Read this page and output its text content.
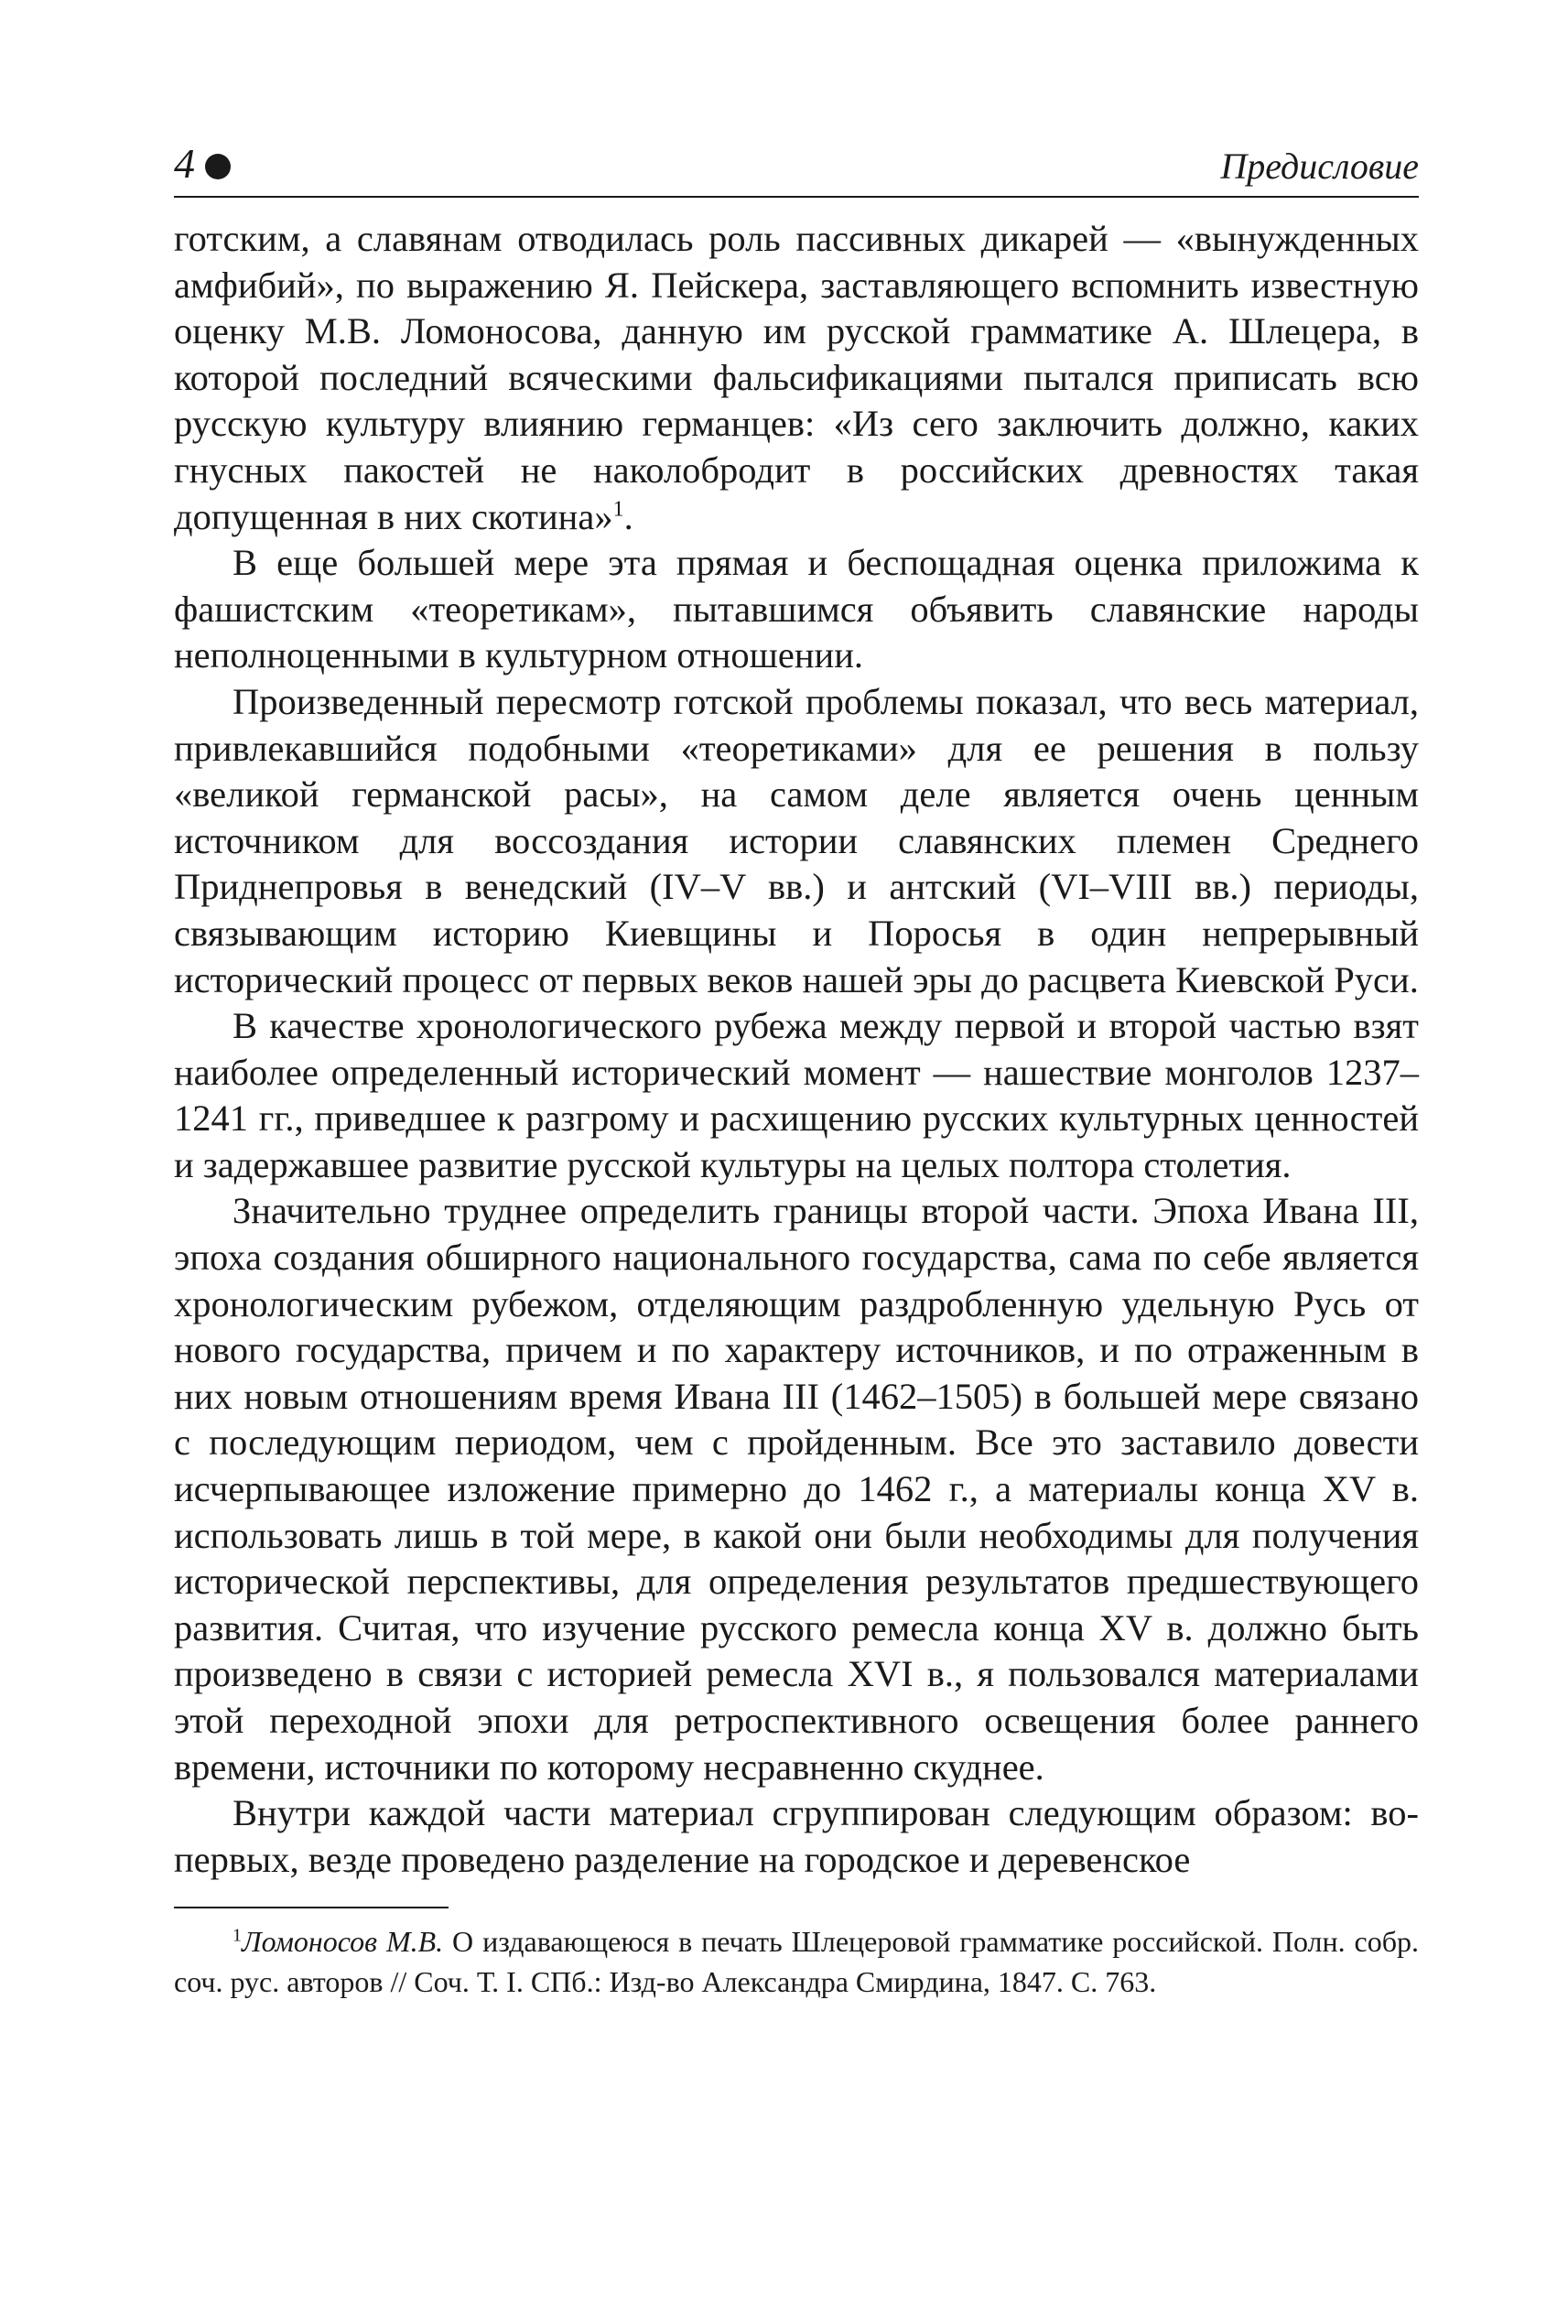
4	Предисловие

готским, а славянам отводилась роль пассивных дикарей — «вынужденных амфибий», по выражению Я. Пейскера, заставляющего вспомнить известную оценку М.В. Ломоносова, данную им русской грамматике А. Шлецера, в которой последний всяческими фальсификациями пытался приписать всю русскую культуру влиянию германцев: «Из сего заключить должно, каких гнусных пакостей не наколобродит в российских древностях такая допущенная в них скотина»$^1$.

В еще большей мере эта прямая и беспощадная оценка приложима к фашистским «теоретикам», пытавшимся объявить славянские народы неполноценными в культурном отношении.

Произведенный пересмотр готской проблемы показал, что весь материал, привлекавшийся подобными «теоретиками» для ее решения в пользу «великой германской расы», на самом деле является очень ценным источником для воссоздания истории славянских племен Среднего Приднепровья в венедский (IV–V вв.) и антский (VI–VIII вв.) периоды, связывающим историю Киевщины и Поросья в один непрерывный исторический процесс от первых веков нашей эры до расцвета Киевской Руси.

В качестве хронологического рубежа между первой и второй частью взят наиболее определенный исторический момент — нашествие монголов 1237–1241 гг., приведшее к разгрому и расхищению русских культурных ценностей и задержавшее развитие русской культуры на целых полтора столетия.

Значительно труднее определить границы второй части. Эпоха Ивана III, эпоха создания обширного национального государства, сама по себе является хронологическим рубежом, отделяющим раздробленную удельную Русь от нового государства, причем и по характеру источников, и по отраженным в них новым отношениям время Ивана III (1462–1505) в большей мере связано с последующим периодом, чем с пройденным. Все это заставило довести исчерпывающее изложение примерно до 1462 г., а материалы конца XV в. использовать лишь в той мере, в какой они были необходимы для получения исторической перспективы, для определения результатов предшествующего развития. Считая, что изучение русского ремесла конца XV в. должно быть произведено в связи с историей ремесла XVI в., я пользовался материалами этой переходной эпохи для ретроспективного освещения более раннего времени, источники по которому несравненно скуднее.

Внутри каждой части материал сгруппирован следующим образом: во-первых, везде проведено разделение на городское и деревенское

$^1$Ломоносов М.В. О издавающеюся в печать Шлецеровой грамматике российской. Полн. собр. соч. рус. авторов // Соч. Т. I. СПб.: Изд-во Александра Смирдина, 1847. С. 763.
